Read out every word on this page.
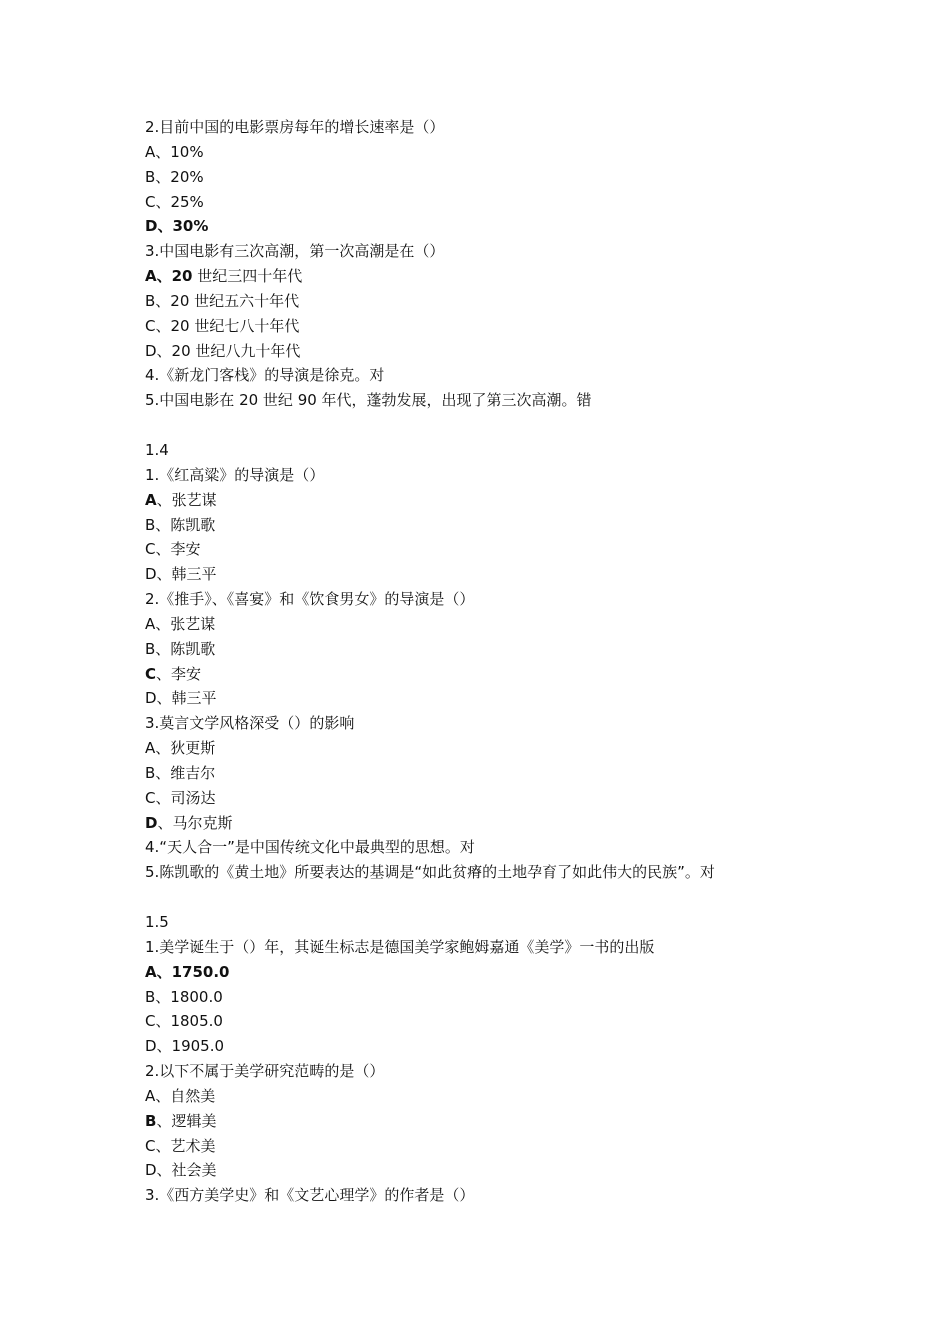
2.目前中国的电影票房每年的增长速率是（）
A、10%
B、20%
C、25%
D、30%
3.中国电影有三次高潮，第一次高潮是在（）
A、20 世纪三四十年代
B、20 世纪五六十年代
C、20 世纪七八十年代
D、20 世纪八九十年代
4.《新龙门客栈》的导演是徐克。对
5.中国电影在 20 世纪 90 年代，蓬勃发展，出现了第三次高潮。错
1.4
1.《红高粱》的导演是（）
A、张艺谋
B、陈凯歌
C、李安
D、韩三平
2.《推手》、《喜宴》和《饮食男女》的导演是（）
A、张艺谋
B、陈凯歌
C、李安
D、韩三平
3.莫言文学风格深受（）的影响
A、狄更斯
B、维吉尔
C、司汤达
D、马尔克斯
4.“天人合一”是中国传统文化中最典型的思想。对
5.陈凯歌的《黄土地》所要表达的基调是“如此贫瘠的土地孕育了如此伟大的民族”。对
1.5
1.美学诞生于（）年，其诞生标志是德国美学家鲍姆嘉通《美学》一书的出版
A、1750.0
B、1800.0
C、1805.0
D、1905.0
2.以下不属于美学研究范畴的是（）
A、自然美
B、逻辑美
C、艺术美
D、社会美
3.《西方美学史》和《文艺心理学》的作者是（）
